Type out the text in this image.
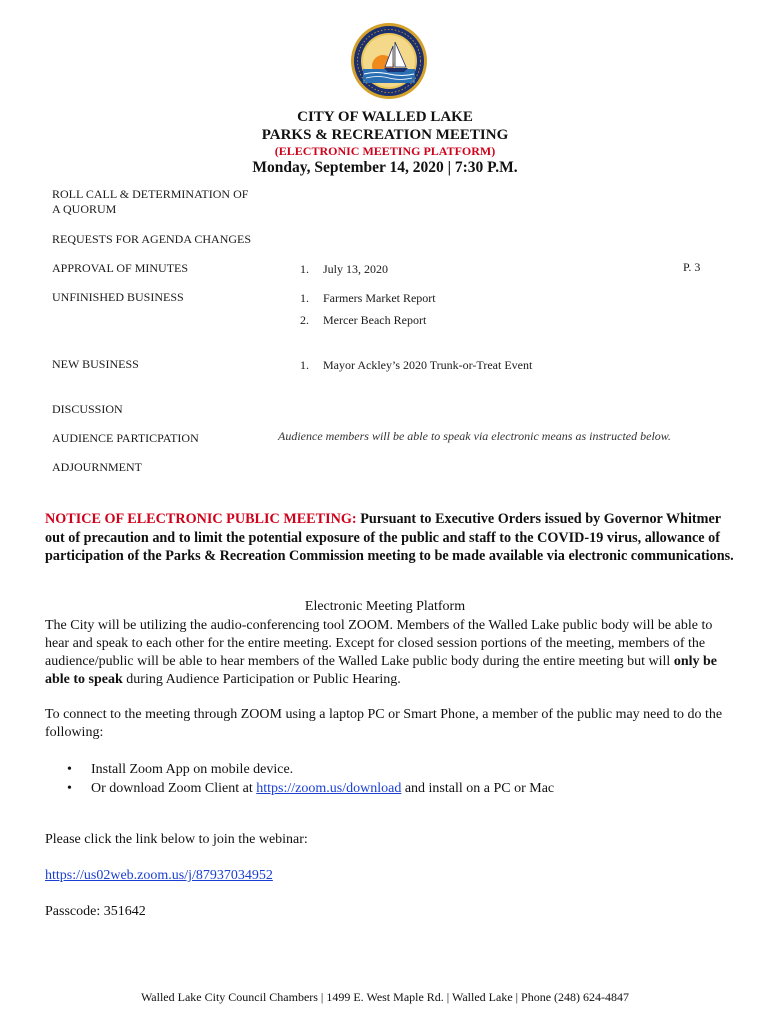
CITY OF WALLED LAKE
PARKS & RECREATION MEETING
(ELECTRONIC MEETING PLATFORM)
Monday, September 14, 2020 | 7:30 P.M.
ROLL CALL & DETERMINATION OF
A QUORUM
REQUESTS FOR AGENDA CHANGES
APPROVAL OF MINUTES	1. July 13, 2020	P. 3
UNFINISHED BUSINESS	1. Farmers Market Report
2. Mercer Beach Report
NEW BUSINESS	1. Mayor Ackley’s 2020 Trunk-or-Treat Event
DISCUSSION
AUDIENCE PARTICPATION	Audience members will be able to speak via electronic means as instructed below.
ADJOURNMENT
NOTICE OF ELECTRONIC PUBLIC MEETING: Pursuant to Executive Orders issued by Governor Whitmer out of precaution and to limit the potential exposure of the public and staff to the COVID-19 virus, allowance of participation of the Parks & Recreation Commission meeting to be made available via electronic communications.
Electronic Meeting Platform
The City will be utilizing the audio-conferencing tool ZOOM. Members of the Walled Lake public body will be able to hear and speak to each other for the entire meeting. Except for closed session portions of the meeting, members of the audience/public will be able to hear members of the Walled Lake public body during the entire meeting but will only be able to speak during Audience Participation or Public Hearing.
To connect to the meeting through ZOOM using a laptop PC or Smart Phone, a member of the public may need to do the following:
• Install Zoom App on mobile device.
• Or download Zoom Client at https://zoom.us/download and install on a PC or Mac
Please click the link below to join the webinar:
https://us02web.zoom.us/j/87937034952
Passcode: 351642
Walled Lake City Council Chambers | 1499 E. West Maple Rd. | Walled Lake | Phone (248) 624-4847
